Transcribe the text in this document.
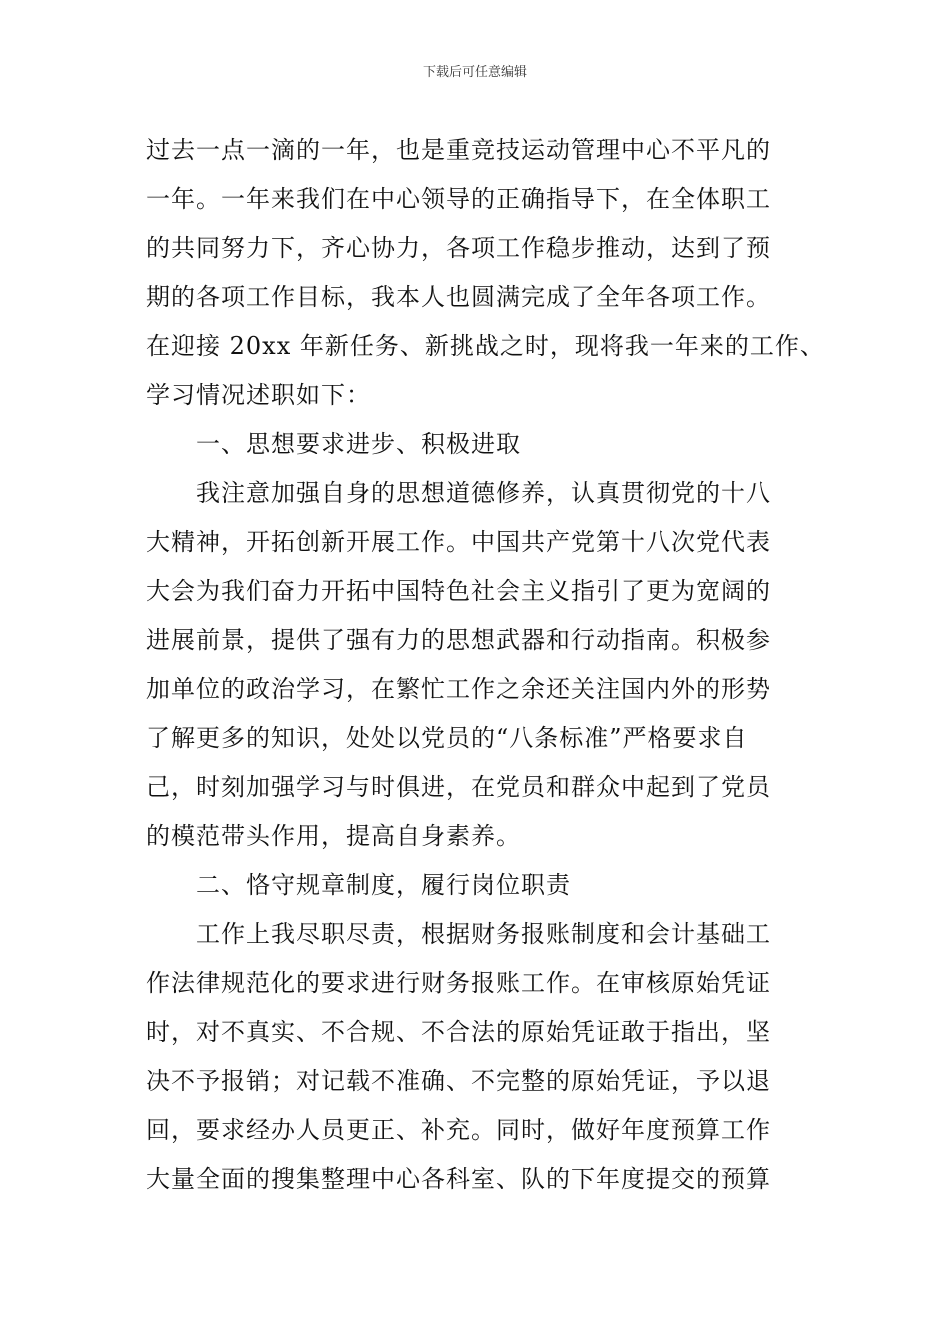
下载后可任意编辑
过去一点一滴的一年，也是重竞技运动管理中心不平凡的
一年。一年来我们在中心领导的正确指导下，在全体职工
的共同努力下，齐心协力，各项工作稳步推动，达到了预
期的各项工作目标，我本人也圆满完成了全年各项工作。
在迎接 20xx 年新任务、新挑战之时，现将我一年来的工作、
学习情况述职如下：
一、思想要求进步、积极进取
我注意加强自身的思想道德修养，认真贯彻党的十八
大精神，开拓创新开展工作。中国共产党第十八次党代表
大会为我们奋力开拓中国特色社会主义指引了更为宽阔的
进展前景，提供了强有力的思想武器和行动指南。积极参
加单位的政治学习，在繁忙工作之余还关注国内外的形势
了解更多的知识，处处以党员的“八条标准”严格要求自
己，时刻加强学习与时俱进，在党员和群众中起到了党员
的模范带头作用，提高自身素养。
二、恪守规章制度，履行岗位职责
工作上我尽职尽责，根据财务报账制度和会计基础工
作法律规范化的要求进行财务报账工作。在审核原始凭证
时，对不真实、不合规、不合法的原始凭证敢于指出，坚
决不予报销；对记载不准确、不完整的原始凭证，予以退
回，要求经办人员更正、补充。同时，做好年度预算工作
大量全面的搜集整理中心各科室、队的下年度提交的预算
